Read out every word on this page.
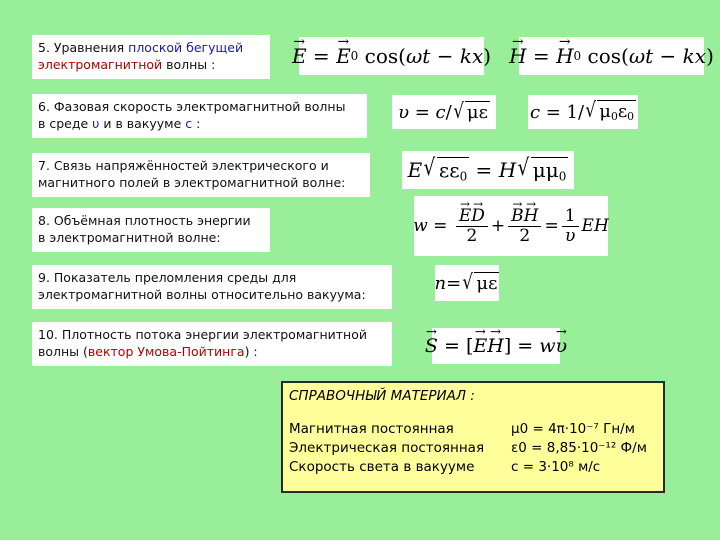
5. Уравнения плоской бегущей
электромагнитной волны :
6. Фазовая скорость электромагнитной волны
в среде υ и в вакууме c :
7. Связь напряжённостей электрического и
магнитного полей в электромагнитной волне:
8. Объёмная плотность энергии
в электромагнитной волне:
9. Показатель преломления среды для
электромагнитной волны относительно вакуума:
10. Плотность потока энергии электромагнитной
волны (вектор Умова-Пойтинга) :
→ E = → E 0 cos( ωt − kx ) → H = → H 0 cos( ωt − kx )
υ = c / √ με c = 1/ √ $\mu_0\varepsilon_0$
E √ $\varepsilon\varepsilon_0 = H$ √ $\mu\mu_0$
w = → $\frac{E\to D}{2}$ + → $\frac{B\to H}{2} = \frac{1}{\upsilon}$ EH
n = √ με
→ S = [ → E → H ] = w → υ
СПРАВОЧНЫЙ МАТЕРИАЛ :
Магнитная постоянная	μ0 = 4π·10⁻⁷ Гн/м
Электрическая постоянная	ε0 = 8,85·10⁻¹² Ф/м
Скорость света в вакууме	c = 3·10⁸ м/с
